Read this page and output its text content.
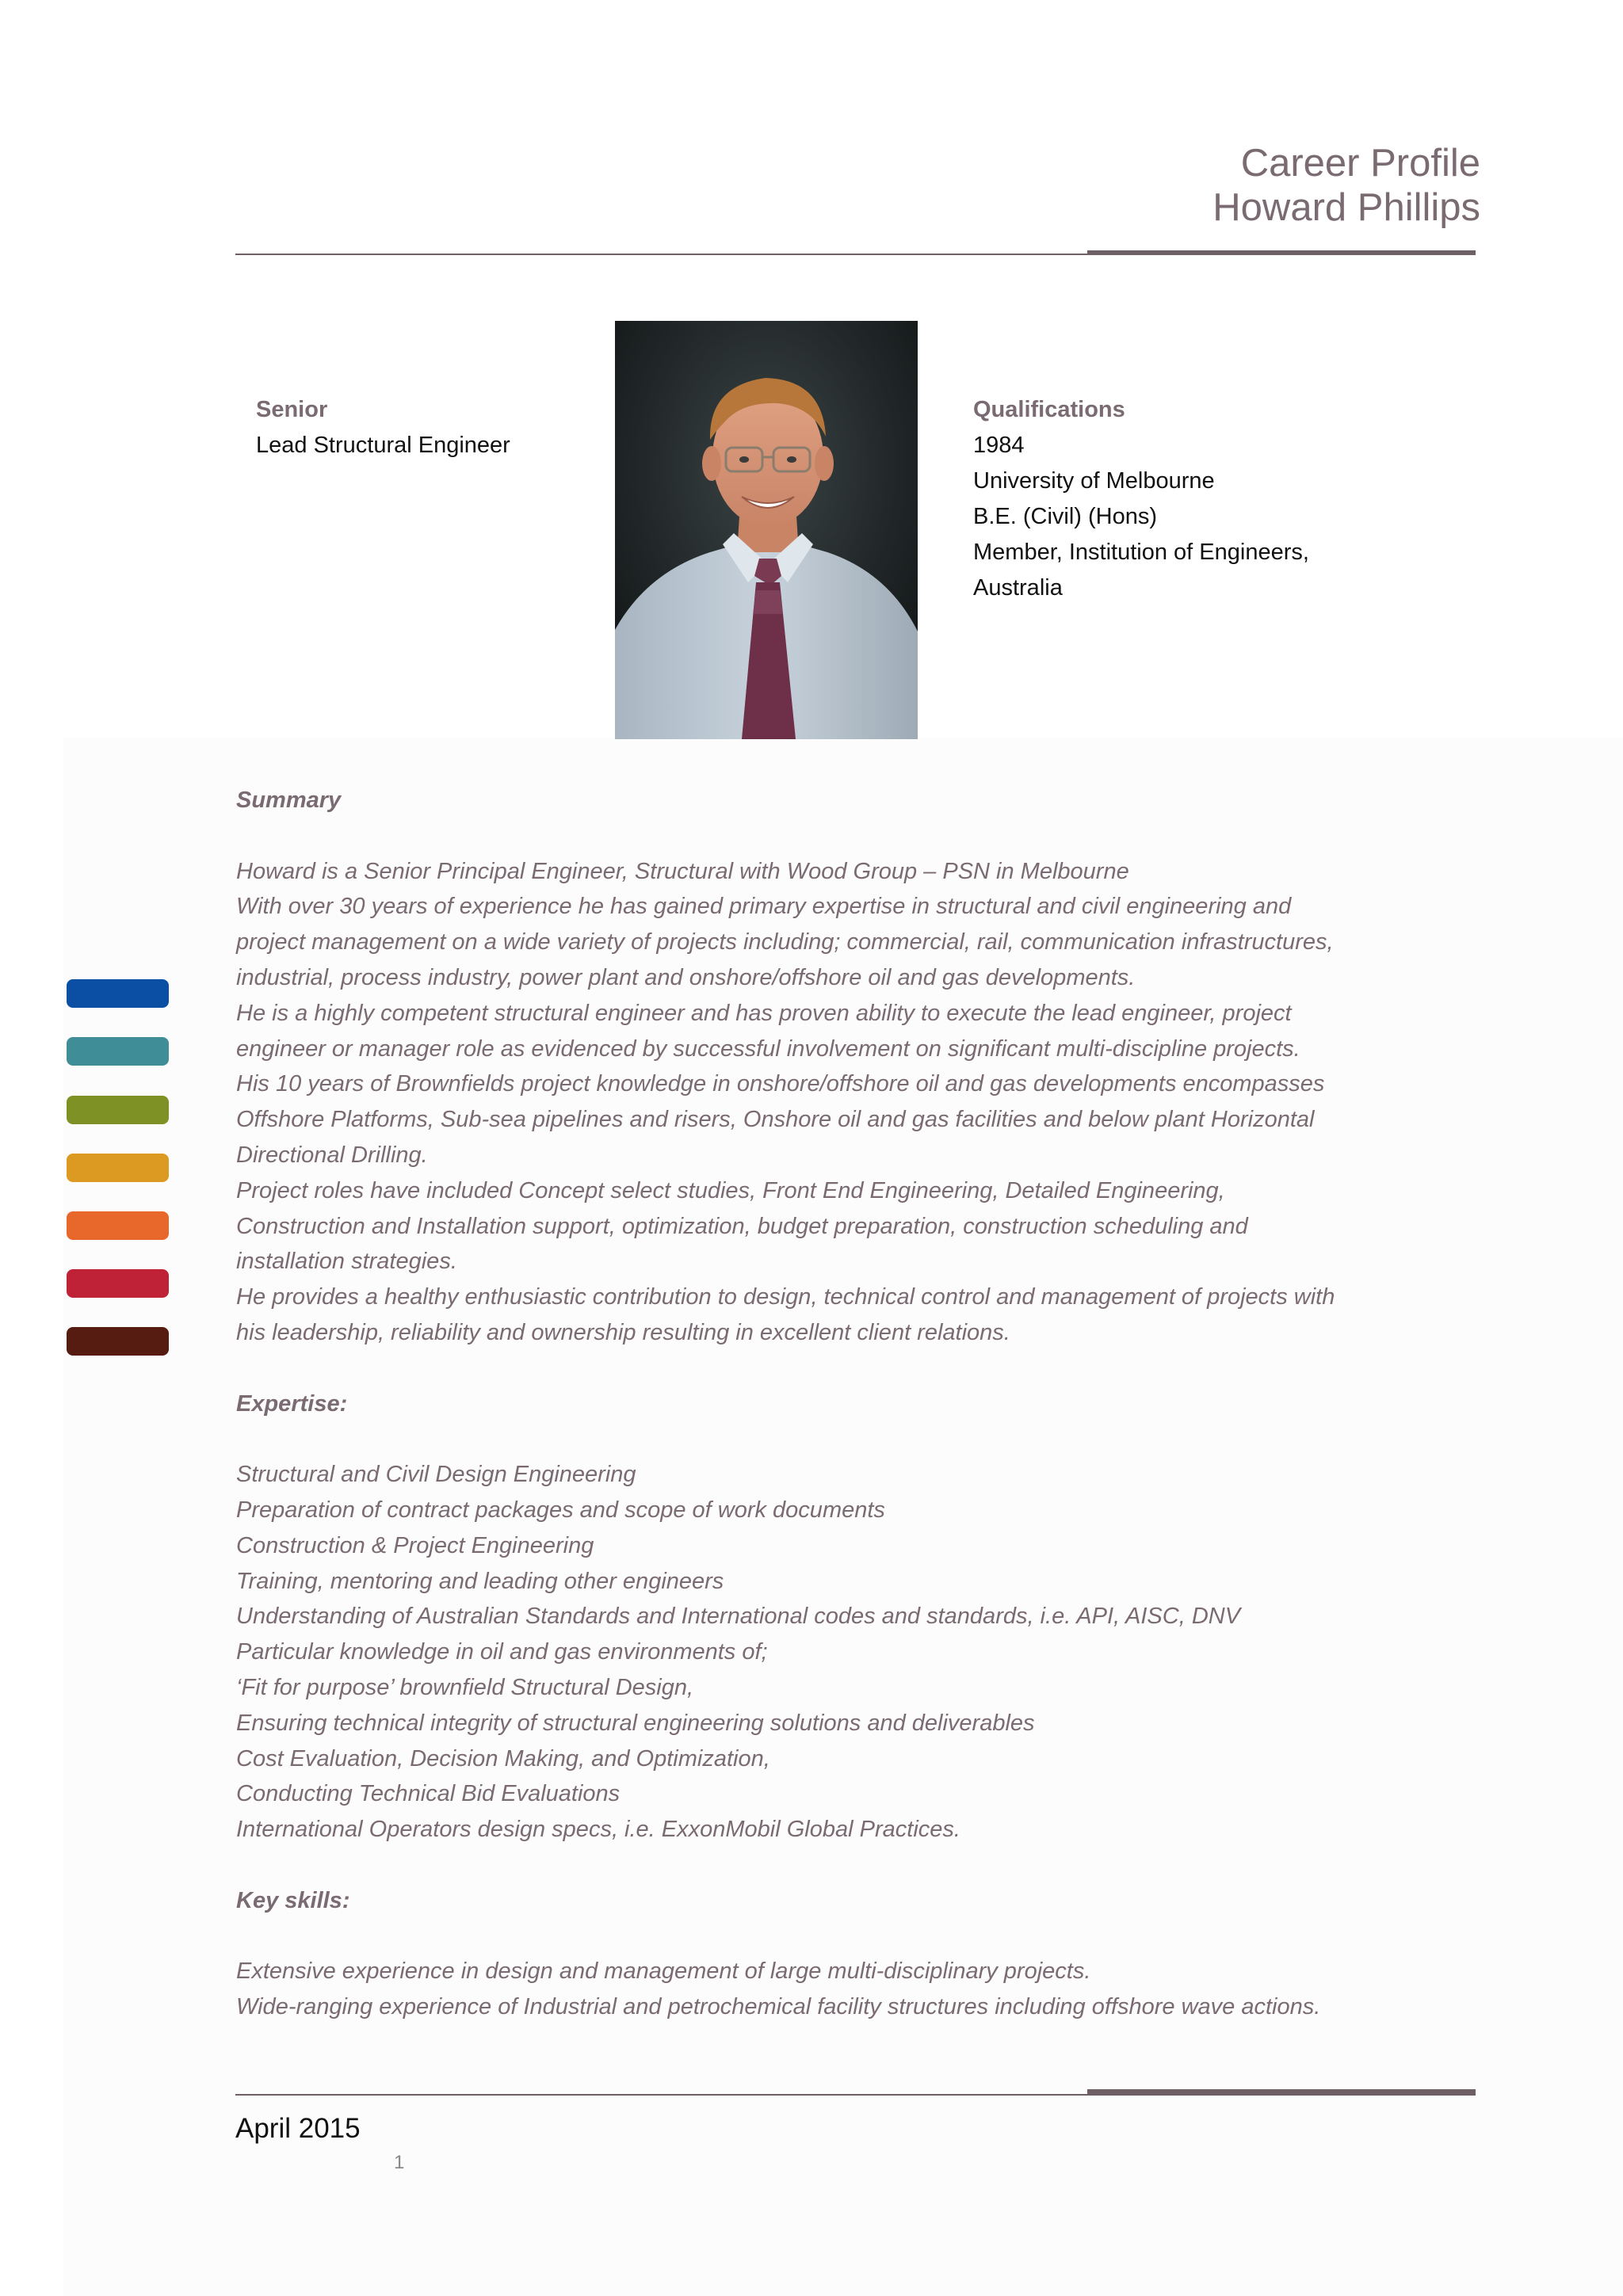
Career Profile
Howard Phillips
Senior
Lead Structural Engineer
Qualifications
1984
University of Melbourne
B.E. (Civil) (Hons)
Member, Institution of Engineers,
Australia
Summary
Howard is a Senior Principal Engineer, Structural with Wood Group – PSN in Melbourne
With over 30 years of experience he has gained primary expertise in structural and civil engineering and
project management on a wide variety of projects including; commercial, rail, communication infrastructures,
industrial, process industry, power plant and onshore/offshore oil and gas developments.
He is a highly competent structural engineer and has proven ability to execute the lead engineer, project
engineer or manager role as evidenced by successful involvement on significant multi-discipline projects.
His 10 years of Brownfields project knowledge in onshore/offshore oil and gas developments encompasses
Offshore Platforms, Sub-sea pipelines and risers, Onshore oil and gas facilities and below plant Horizontal
Directional Drilling.
Project roles have included Concept select studies, Front End Engineering, Detailed Engineering,
Construction and Installation support, optimization, budget preparation, construction scheduling and
installation strategies.
He provides a healthy enthusiastic contribution to design, technical control and management of projects with
his leadership, reliability and ownership resulting in excellent client relations.
Expertise:
Structural and Civil Design Engineering
Preparation of contract packages and scope of work documents
Construction & Project Engineering
Training, mentoring and leading other engineers
Understanding of Australian Standards and International codes and standards, i.e. API, AISC, DNV
Particular knowledge in oil and gas environments of;
‘Fit for purpose’ brownfield Structural Design,
Ensuring technical integrity of structural engineering solutions and deliverables
Cost Evaluation, Decision Making, and Optimization,
Conducting Technical Bid Evaluations
International Operators design specs, i.e. ExxonMobil Global Practices.
Key skills:
Extensive experience in design and management of large multi-disciplinary projects.
Wide-ranging experience of Industrial and petrochemical facility structures including offshore wave actions.
April 2015
1
